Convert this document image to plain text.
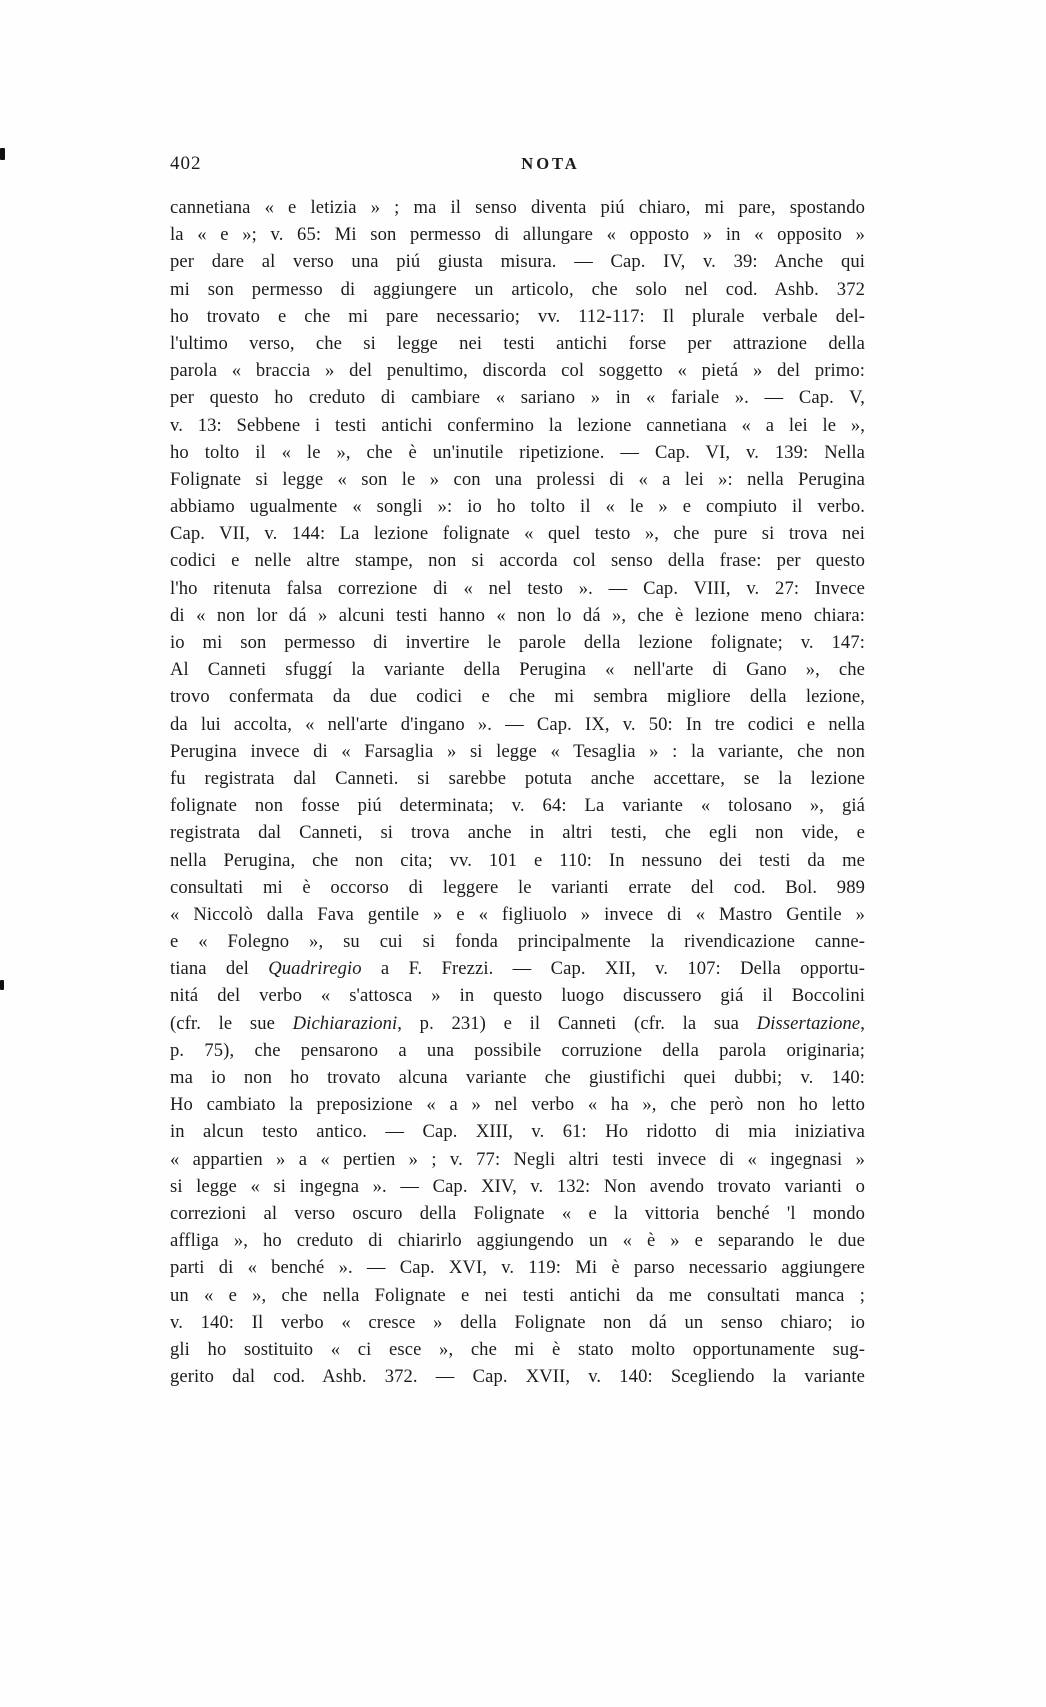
402	NOTA
cannetiana « e letizia » ; ma il senso diventa piú chiaro, mi pare, spostando
la « e »; v. 65: Mi son permesso di allungare « opposto » in « opposito »
per dare al verso una piú giusta misura. — Cap. IV, v. 39: Anche qui
mi son permesso di aggiungere un articolo, che solo nel cod. Ashb. 372
ho trovato e che mi pare necessario; vv. 112-117: Il plurale verbale del-
l'ultimo verso, che si legge nei testi antichi forse per attrazione della
parola « braccia » del penultimo, discorda col soggetto « pietá » del primo:
per questo ho creduto di cambiare « sariano » in « fariale ». — Cap. V,
v. 13: Sebbene i testi antichi confermino la lezione cannetiana « a lei le »,
ho tolto il « le », che è un'inutile ripetizione. — Cap. VI, v. 139: Nella
Folignate si legge « son le » con una prolessi di « a lei »: nella Perugina
abbiamo ugualmente « songli »: io ho tolto il « le » e compiuto il verbo.
Cap. VII, v. 144: La lezione folignate « quel testo », che pure si trova nei
codici e nelle altre stampe, non si accorda col senso della frase: per questo
l'ho ritenuta falsa correzione di « nel testo ». — Cap. VIII, v. 27: Invece
di « non lor dá » alcuni testi hanno « non lo dá », che è lezione meno chiara:
io mi son permesso di invertire le parole della lezione folignate; v. 147:
Al Canneti sfuggí la variante della Perugina « nell'arte di Gano », che
trovo confermata da due codici e che mi sembra migliore della lezione,
da lui accolta, « nell'arte d'ingano ». — Cap. IX, v. 50: In tre codici e nella
Perugina invece di « Farsaglia » si legge « Tesaglia » : la variante, che non
fu registrata dal Canneti. si sarebbe potuta anche accettare, se la lezione
folignate non fosse piú determinata; v. 64: La variante « tolosano », giá
registrata dal Canneti, si trova anche in altri testi, che egli non vide, e
nella Perugina, che non cita; vv. 101 e 110: In nessuno dei testi da me
consultati mi è occorso di leggere le varianti errate del cod. Bol. 989
« Niccolò dalla Fava gentile » e « figliuolo » invece di « Mastro Gentile »
e « Folegno », su cui si fonda principalmente la rivendicazione canne-
tiana del Quadriregio a F. Frezzi. — Cap. XII, v. 107: Della opportu-
nitá del verbo « s'attosca » in questo luogo discussero giá il Boccolini
(cfr. le sue Dichiarazioni, p. 231) e il Canneti (cfr. la sua Dissertazione,
p. 75), che pensarono a una possibile corruzione della parola originaria;
ma io non ho trovato alcuna variante che giustifichi quei dubbi; v. 140:
Ho cambiato la preposizione « a » nel verbo « ha », che però non ho letto
in alcun testo antico. — Cap. XIII, v. 61: Ho ridotto di mia iniziativa
« appartien » a « pertien » ; v. 77: Negli altri testi invece di « ingegnasi »
si legge « si ingegna ». — Cap. XIV, v. 132: Non avendo trovato varianti o
correzioni al verso oscuro della Folignate « e la vittoria benché 'l mondo
affliga », ho creduto di chiarirlo aggiungendo un « è » e separando le due
parti di « benché ». — Cap. XVI, v. 119: Mi è parso necessario aggiungere
un « e », che nella Folignate e nei testi antichi da me consultati manca ;
v. 140: Il verbo « cresce » della Folignate non dá un senso chiaro; io
gli ho sostituito « ci esce », che mi è stato molto opportunamente sug-
gerito dal cod. Ashb. 372. — Cap. XVII, v. 140: Scegliendo la variante
